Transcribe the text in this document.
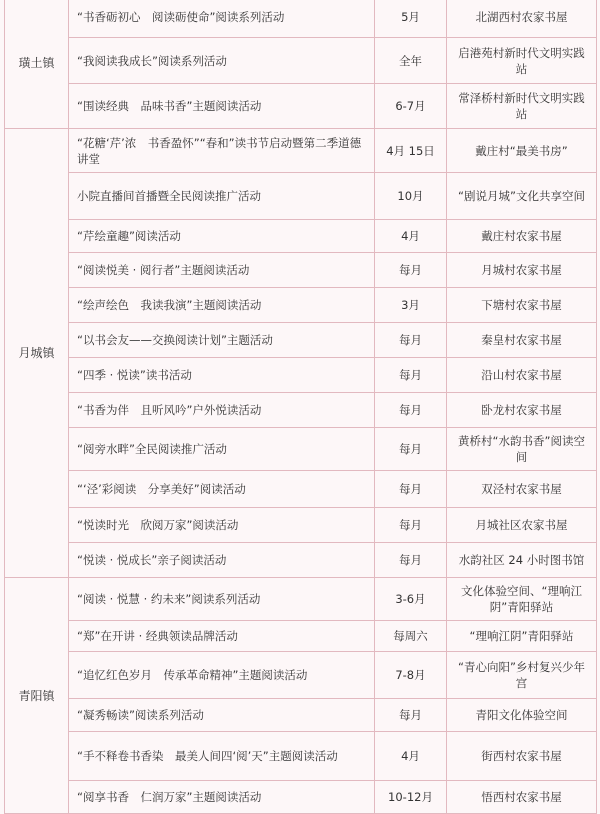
璜土镇	“书香砺初心　阅读砺使命”阅读系列活动	5月	北湖西村农家书屋
	“我阅读我成长”阅读系列活动	全年	启港苑村新时代文明实践站
	“围读经典　品味书香”主题阅读活动	6-7月	常泽桥村新时代文明实践站
月城镇	“花糖‘芹’浓　书香盈怀”“春和”读书节启动暨第二季道德讲堂	4月 15日	戴庄村“最美书房”
	小院直播间首播暨全民阅读推广活动	10月	“剧说月城”文化共享空间
	“芹绘童趣”阅读活动	4月	戴庄村农家书屋
	“阅读悦美 · 阅行者”主题阅读活动	每月	月城村农家书屋
	“绘声绘色　我读我演”主题阅读活动	3月	下塘村农家书屋
	“以书会友——交换阅读计划”主题活动	每月	秦皇村农家书屋
	“四季 · 悦读”读书活动	每月	沿山村农家书屋
	“书香为伴　且听风吟”户外悦读活动	每月	卧龙村农家书屋
	“阅旁水畔”全民阅读推广活动	每月	黄桥村“水韵书香”阅读空间
	“‘泾’彩阅读　分享美好”阅读活动	每月	双泾村农家书屋
	“悦读时光　欣阅万家”阅读活动	每月	月城社区农家书屋
	“悦读 · 悦成长”亲子阅读活动	每月	水韵社区 24 小时图书馆
青阳镇	“阅读 · 悦慧 · 约未来”阅读系列活动	3-6月	文化体验空间、“理响江阴”青阳驿站
	“郑”在开讲 · 经典领读品牌活动	每周六	“理响江阴”青阳驿站
	“追忆红色岁月　传承革命精神”主题阅读活动	7-8月	“青心向阳”乡村复兴少年宫
	“凝秀畅读”阅读系列活动	每月	青阳文化体验空间
	“手不释卷书香染　最美人间四‘阅’天”主题阅读活动	4月	街西村农家书屋
	“阅享书香　仁润万家”主题阅读活动	10-12月	悟西村农家书屋
